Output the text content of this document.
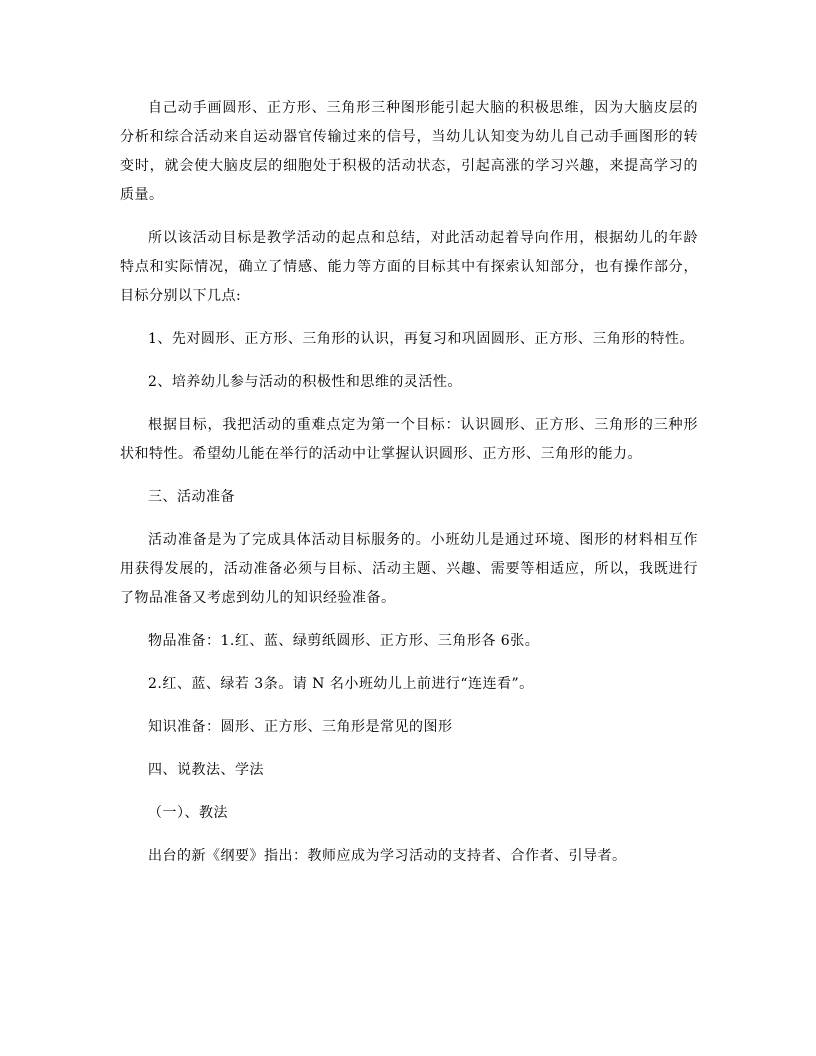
自己动手画圆形、正方形、三角形三种图形能引起大脑的积极思维，因为大脑皮层的分析和综合活动来自运动器官传输过来的信号，当幼儿认知变为幼儿自己动手画图形的转变时，就会使大脑皮层的细胞处于积极的活动状态，引起高涨的学习兴趣，来提高学习的质量。

所以该活动目标是教学活动的起点和总结，对此活动起着导向作用，根据幼儿的年龄特点和实际情况，确立了情感、能力等方面的目标其中有探索认知部分，也有操作部分，目标分别以下几点:

1、先对圆形、正方形、三角形的认识，再复习和巩固圆形、正方形、三角形的特性。

2、培养幼儿参与活动的积极性和思维的灵活性。

根据目标，我把活动的重难点定为第一个目标：认识圆形、正方形、三角形的三种形状和特性。希望幼儿能在举行的活动中让掌握认识圆形、正方形、三角形的能力。

三、活动准备

活动准备是为了完成具体活动目标服务的。小班幼儿是通过环境、图形的材料相互作用获得发展的，活动准备必须与目标、活动主题、兴趣、需要等相适应，所以，我既进行了物品准备又考虑到幼儿的知识经验准备。

物品准备：1.红、蓝、绿剪纸圆形、正方形、三角形各 6张。

2.红、蓝、绿若 3条。请 N 名小班幼儿上前进行“连连看”。

知识准备：圆形、正方形、三角形是常见的图形

四、说教法、学法

（一）、教法

出台的新《纲要》指出：教师应成为学习活动的支持者、合作者、引导者。
